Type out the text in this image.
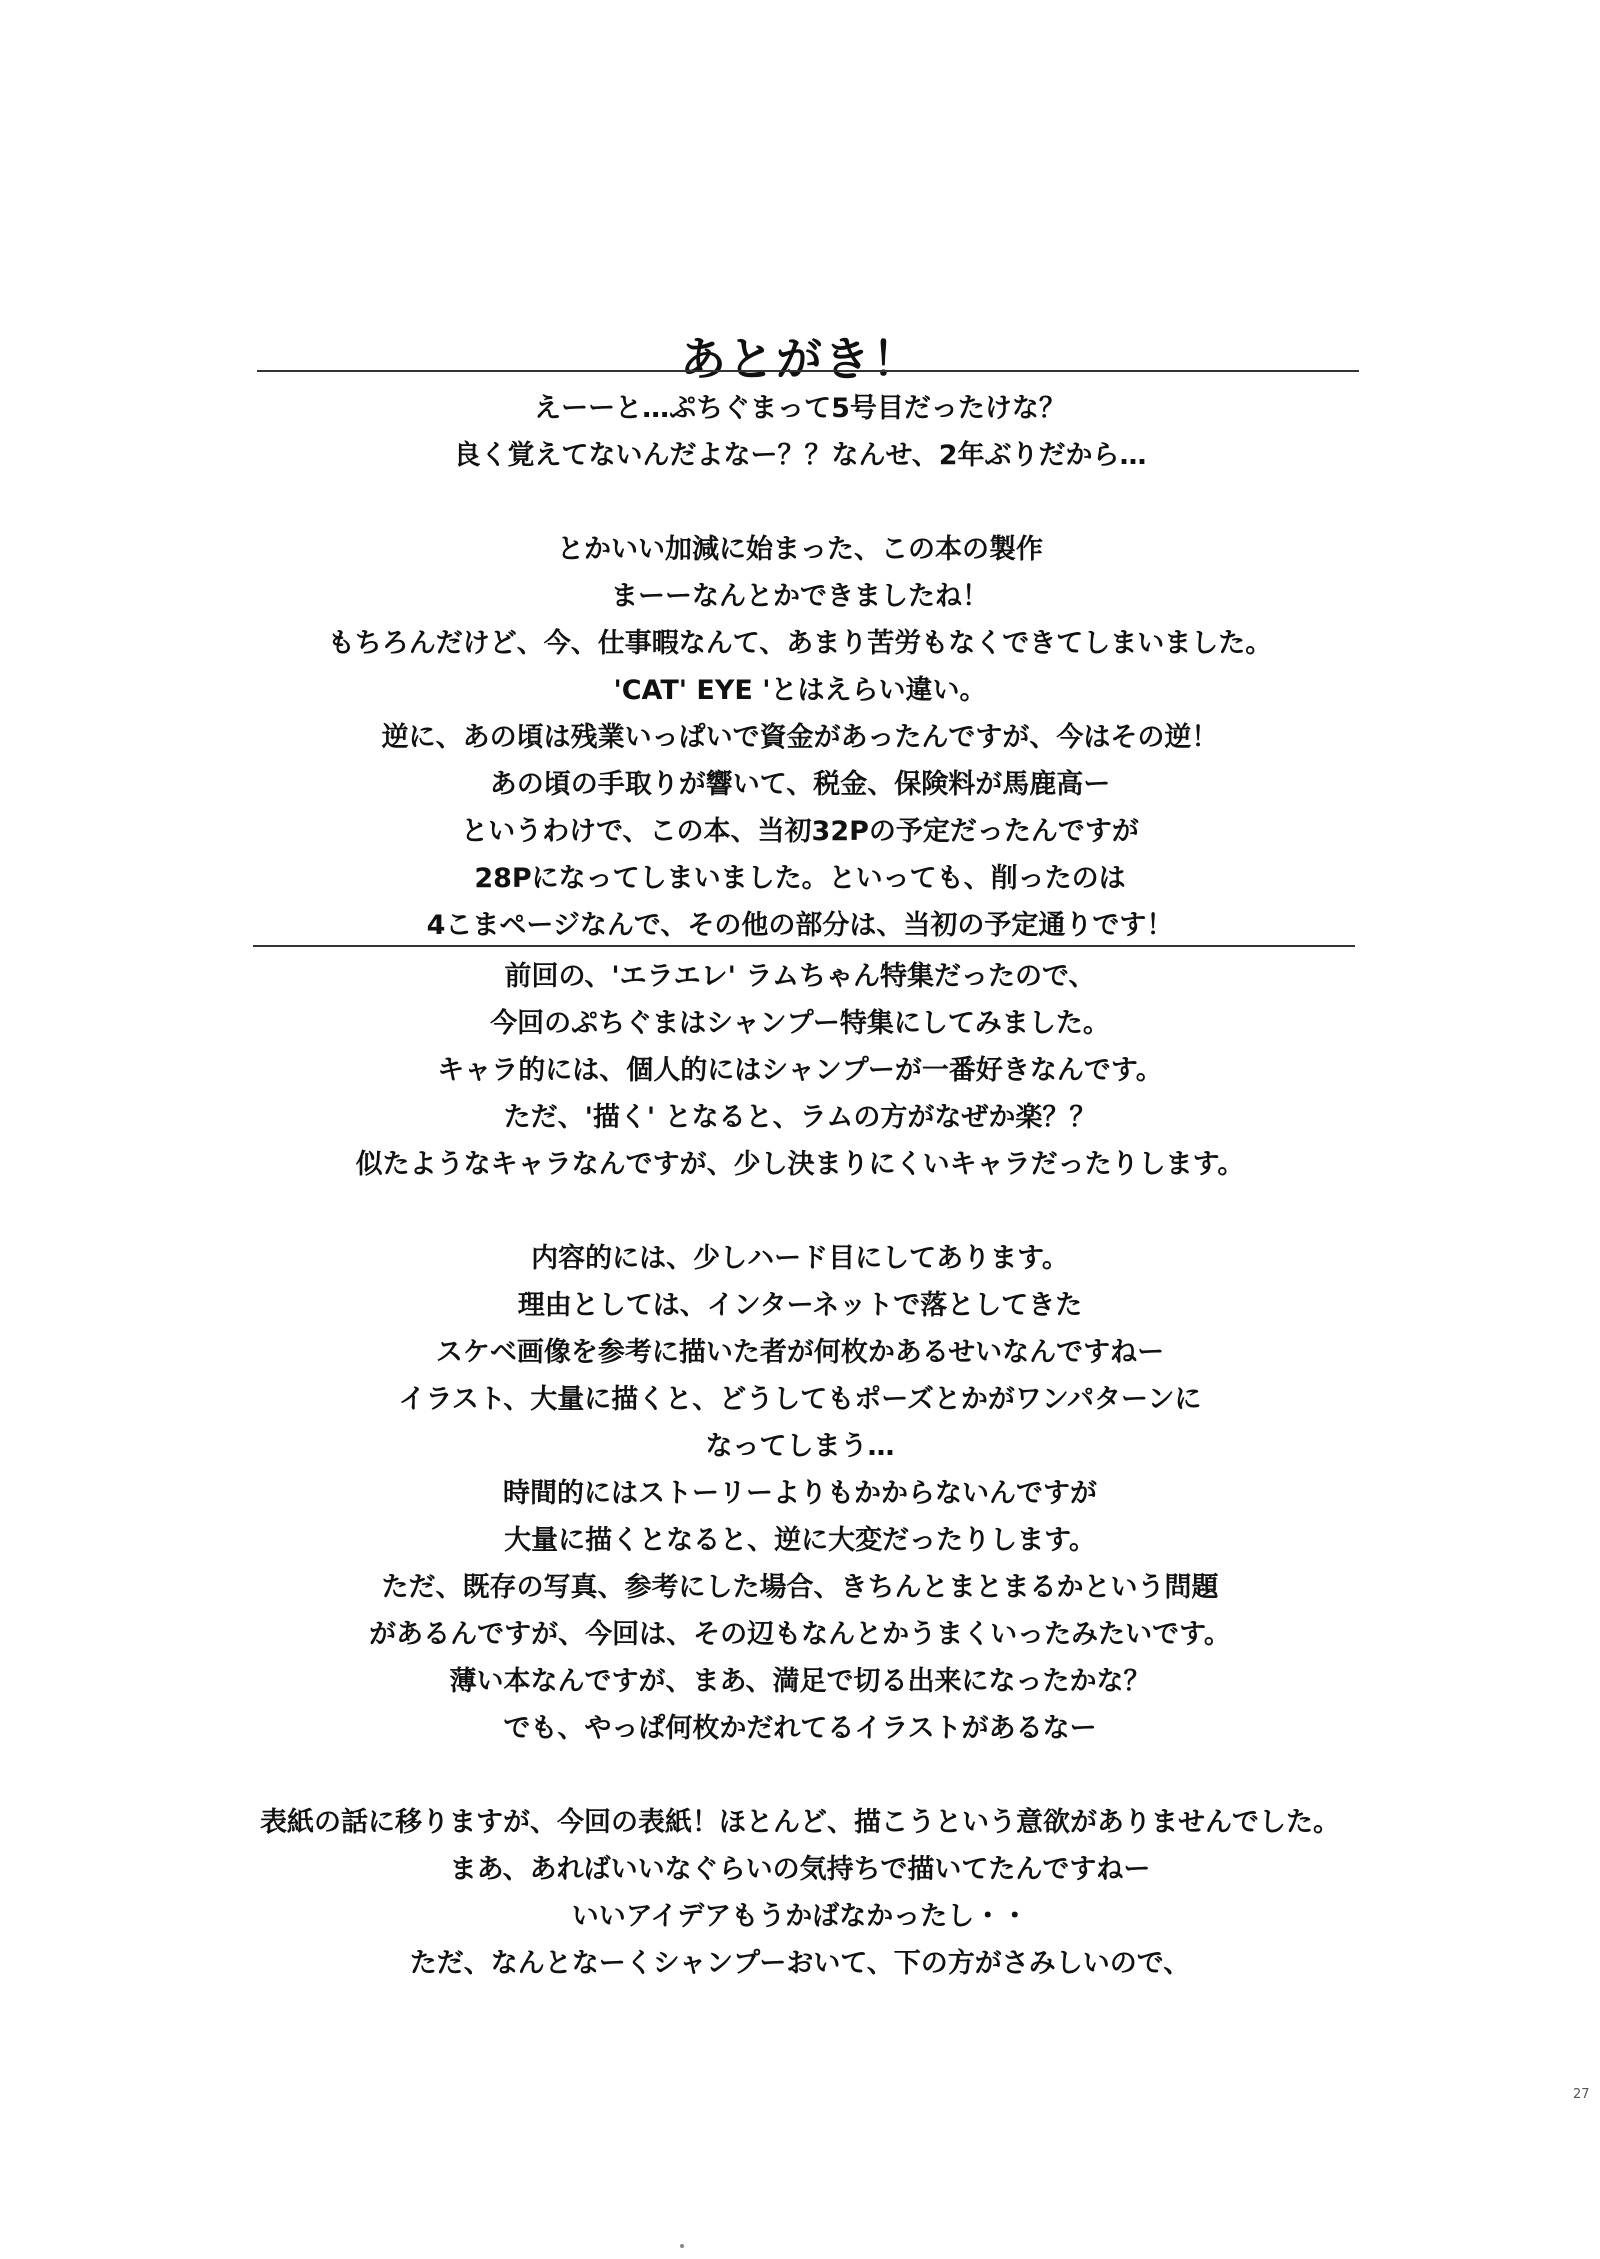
あとがき！
えーーと…ぷちぐまって5号目だったけな？
良く覚えてないんだよなー？？なんせ、2年ぶりだから…
とかいい加減に始まった、この本の製作
まーーなんとかできましたね！
もちろんだけど、今、仕事暇なんて、あまり苦労もなくできてしまいました。
'CAT' EYE 'とはえらい違い。
逆に、あの頃は残業いっぱいで資金があったんですが、今はその逆！
あの頃の手取りが響いて、税金、保険料が馬鹿高ー
というわけで、この本、当初32Pの予定だったんですが
28Pになってしまいました。といっても、削ったのは
4こまページなんで、その他の部分は、当初の予定通りです！
前回の、'エラエレ' ラムちゃん特集だったので、
今回のぷちぐまはシャンプー特集にしてみました。
キャラ的には、個人的にはシャンプーが一番好きなんです。
ただ、'描く' となると、ラムの方がなぜか楽？？
似たようなキャラなんですが、少し決まりにくいキャラだったりします。
内容的には、少しハード目にしてあります。
理由としては、インターネットで落としてきた
スケベ画像を参考に描いた者が何枚かあるせいなんですねー
イラスト、大量に描くと、どうしてもポーズとかがワンパターンに
なってしまう…
時間的にはストーリーよりもかからないんですが
大量に描くとなると、逆に大変だったりします。
ただ、既存の写真、参考にした場合、きちんとまとまるかという問題
があるんですが、今回は、その辺もなんとかうまくいったみたいです。
薄い本なんですが、まあ、満足で切る出来になったかな？
でも、やっぱ何枚かだれてるイラストがあるなー
表紙の話に移りますが、今回の表紙！ほとんど、描こうという意欲がありませんでした。
まあ、あればいいなぐらいの気持ちで描いてたんですねー
いいアイデアもうかばなかったし・・
ただ、なんとなーくシャンプーおいて、下の方がさみしいので、
27
